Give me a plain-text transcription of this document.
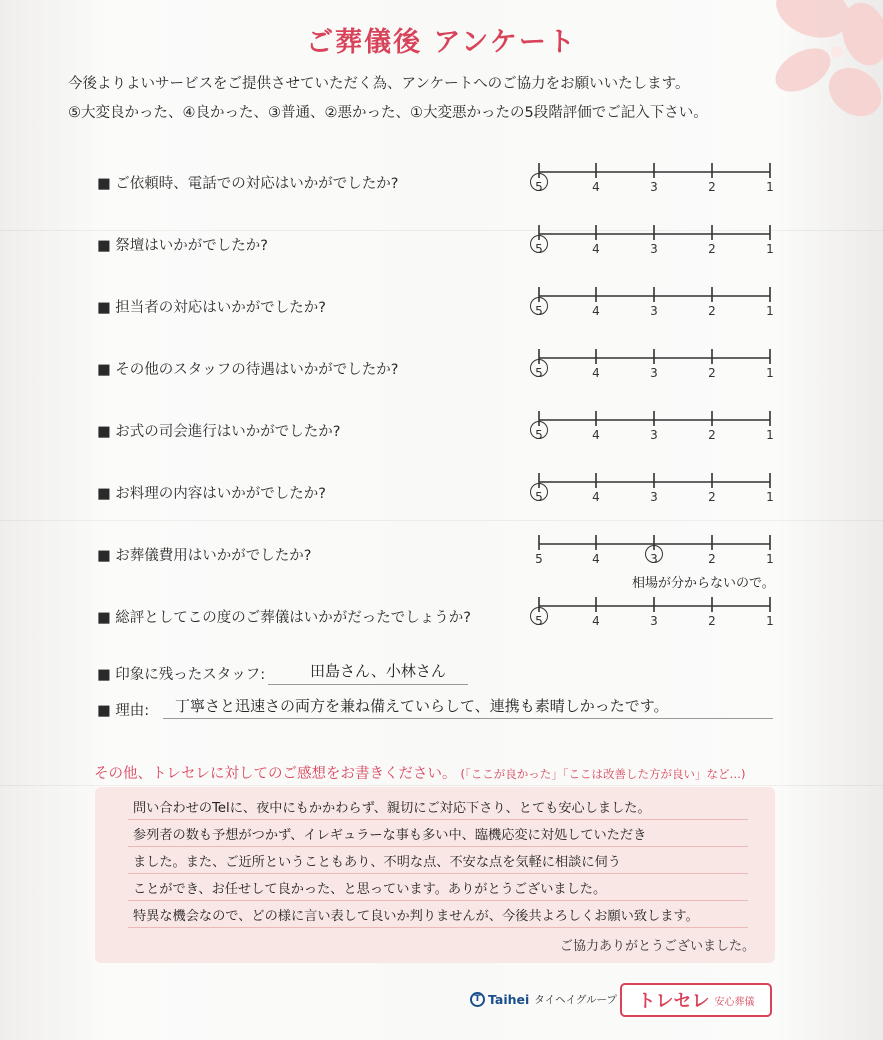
ご葬儀後 アンケート
今後よりよいサービスをご提供させていただく為、アンケートへのご協力をお願いいたします。
⑤大変良かった、④良かった、③普通、②悪かった、①大変悪かったの5段階評価でご記入下さい。
■ ご依頼時、電話での対応はいかがでしたか?	5	4	3	2	1
■ 祭壇はいかがでしたか?	5	4	3	2	1
■ 担当者の対応はいかがでしたか?	5	4	3	2	1
■ その他のスタッフの待遇はいかがでしたか?	5	4	3	2	1
■ お式の司会進行はいかがでしたか?	5	4	3	2	1
■ お料理の内容はいかがでしたか?	5	4	3	2	1
■ お葬儀費用はいかがでしたか?	5	4	3	2	1
相場が分からないので。
■ 総評としてこの度のご葬儀はいかがだったでしょうか?	5	4	3	2	1
■ 印象に残ったスタッフ:	田島さん、小林さん
■ 理由: 丁寧さと迅速さの両方を兼ね備えていらして、連携も素晴しかったです。
その他、トレセレに対してのご感想をお書きください。 (「ここが良かった」「ここは改善した方が良い」など…)
問い合わせのTelに、夜中にもかかわらず、親切にご対応下さり、とても安心しました。
参列者の数も予想がつかず、イレギュラーな事も多い中、臨機応変に対処していただき
ました。また、ご近所ということもあり、不明な点、不安な点を気軽に相談に伺う
ことができ、お任せして良かった、と思っています。ありがとうございました。
特異な機会なので、どの様に言い表して良いか判りませんが、今後共よろしくお願い致します。
ご協力ありがとうございました。
T Taihei タイヘイグループ トレセレ 安心葬儀
